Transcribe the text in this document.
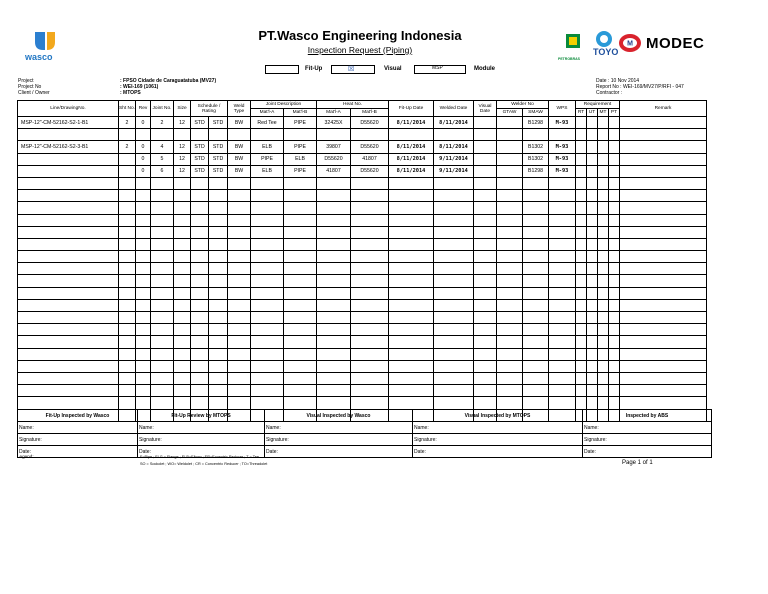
wasco
PT.Wasco Engineering Indonesia
Inspection Request (Piping)
PETROBRAS
TOYO
M MODEC
Fit-Up	☒	Visual	MSP	Module
Project
Project No
Client / Owner
: FPSO Cidade de Caraguatatuba (MV27)
: WEI-169 (1061)
: MTOPS
Date : 10 Nov 2014
Report No : WEI-169/MV27/P/RFI - 047
Contractor :
Line/DrawingNo.	Sht No.	Rev	Joint No.	Size	Schedule / Rating		Weld Type	Joint Description		Heat No.		Fit-Up Date	Welded Date	Visual Date	Welder No		WPS	Requirement				Remark
								Mat'l-A	Mat'l-B	Mat'l-A	Mat'l-B				GTAW	SMAW		RT	UT	MT	PT	
MSP-12"-CM-52162-S2-1-B1	2	0	2	12	STD	STD	BW	Red Tee	PIPE	32425X	D55620	8/11/2014	8/11/2014			B1298	M-93					

MSP-12"-CM-52162-S2-3-B1	2	0	4	12	STD	STD	BW	ELB	PIPE	39807	D55620	8/11/2014	8/11/2014			B1302	M-93					
		0	5	12	STD	STD	BW	PIPE	ELB	D55620	41807	8/11/2014	9/11/2014			B1302	M-93					
		0	6	12	STD	STD	BW	ELB	PIPE	41807	D55620	8/11/2014	9/11/2014			B1298	M-93					

Fit-Up Inspected by Wasco	Fit-Up Review by MTOPS	Visual Inspected by Wasco	Visual Inspected by MTOPS	Inspected by ABS
Name:	Name:	Name:	Name:	Name:
Signature:	Signature:	Signature:	Signature:	Signature:
Date:	Date:	Date:	Date:	Date:
Legend:	F=Pipe ; FLG = Flange ; ELB=Elbow ; ER=Eccentric Reducer ; T = Tee
SO = Sockolet ; WO= Weldolet ; CR = Concentric Reducer ; TO=Threadolet	Page 1 of 1
